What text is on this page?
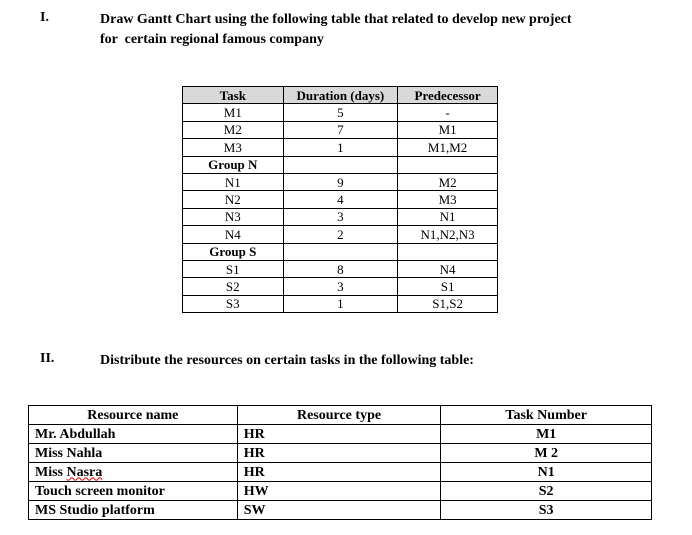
I.	Draw Gantt Chart using the following table that related to develop new project
for  certain regional famous company
Task	Duration (days)	Predecessor
M1	5	-
M2	7	M1
M3	1	M1,M2
Group N		
N1	9	M2
N2	4	M3
N3	3	N1
N4	2	N1,N2,N3
Group S		
S1	8	N4
S2	3	S1
S3	1	S1,S2
II.	Distribute the resources on certain tasks in the following table:
Resource name	Resource type	Task Number
Mr. Abdullah	HR	M1
Miss Nahla	HR	M 2
Miss Nasra	HR	N1
Touch screen monitor	HW	S2
MS Studio platform	SW	S3
